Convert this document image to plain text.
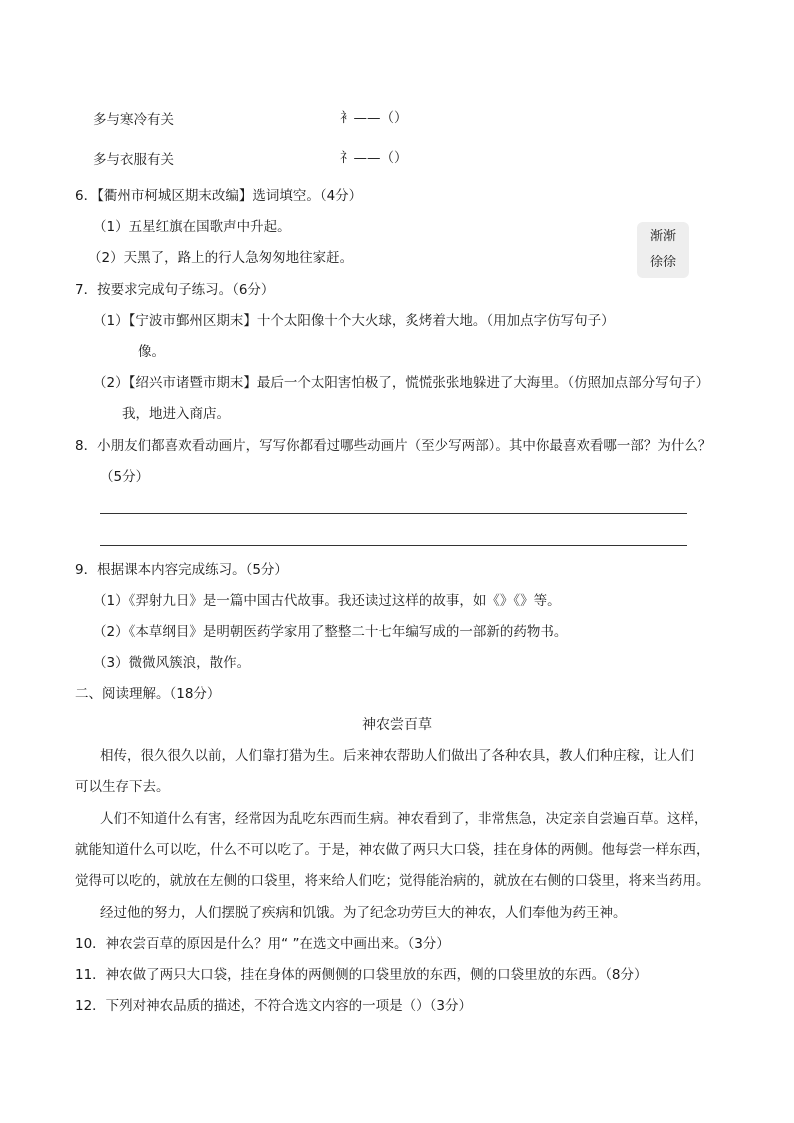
多与寒冷有关	衤——（）
多与衣服有关	礻——（）
6．【衢州市柯城区期末改编】选词填空。（4分）
（1）五星红旗在国歌声中升起。
（2）天黑了，路上的行人急匆匆地往家赶。
渐渐
徐徐
7．按要求完成句子练习。（6分）
（1）【宁波市鄞州区期末】十个太阳像十个大火球，炙烤着大地。（用加点字仿写句子）
像。
（2）【绍兴市诸暨市期末】最后一个太阳害怕极了，慌慌张张地躲进了大海里。（仿照加点部分写句子）
我，地进入商店。
8．小朋友们都喜欢看动画片，写写你都看过哪些动画片（至少写两部）。其中你最喜欢看哪一部？为什么？
（5分）
9．根据课本内容完成练习。（5分）
（1）《羿射九日》是一篇中国古代故事。我还读过这样的故事，如《》《》等。
（2）《本草纲目》是明朝医药学家用了整整二十七年编写成的一部新的药物书。
（3）微微风簇浪，散作。
二、阅读理解。（18分）
神农尝百草
相传，很久很久以前，人们靠打猎为生。后来神农帮助人们做出了各种农具，教人们种庄稼，让人们
可以生存下去。
人们不知道什么有害，经常因为乱吃东西而生病。神农看到了，非常焦急，决定亲自尝遍百草。这样，
就能知道什么可以吃，什么不可以吃了。于是，神农做了两只大口袋，挂在身体的两侧。他每尝一样东西，
觉得可以吃的，就放在左侧的口袋里，将来给人们吃；觉得能治病的，就放在右侧的口袋里，将来当药用。
经过他的努力，人们摆脱了疾病和饥饿。为了纪念功劳巨大的神农，人们奉他为药王神。
10．神农尝百草的原因是什么？用“ ”在选文中画出来。（3分）
11．神农做了两只大口袋，挂在身体的两侧侧的口袋里放的东西，侧的口袋里放的东西。（8分）
12．下列对神农品质的描述，不符合选文内容的一项是（）（3分）
